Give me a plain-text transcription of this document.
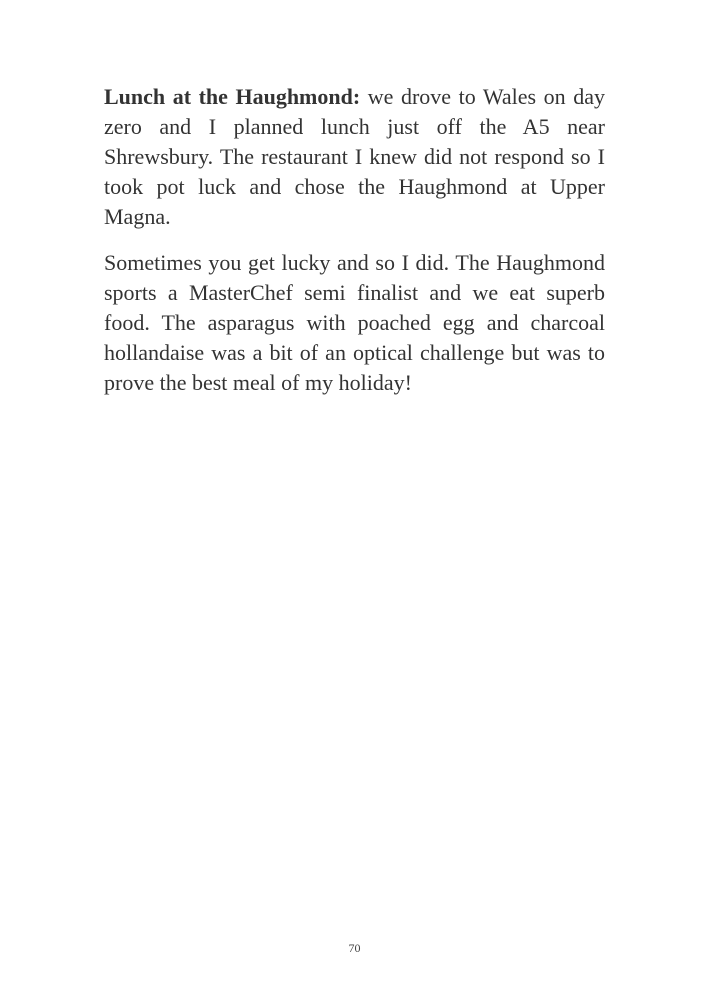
Lunch at the Haughmond: we drove to Wales on day zero and I planned lunch just off the A5 near Shrewsbury. The restaurant I knew did not respond so I took pot luck and chose the Haughmond at Upper Magna.

Sometimes you get lucky and so I did. The Haughmond sports a MasterChef semi finalist and we eat superb food. The asparagus with poached egg and charcoal hollandaise was a bit of an optical challenge but was to prove the best meal of my holiday!

70
